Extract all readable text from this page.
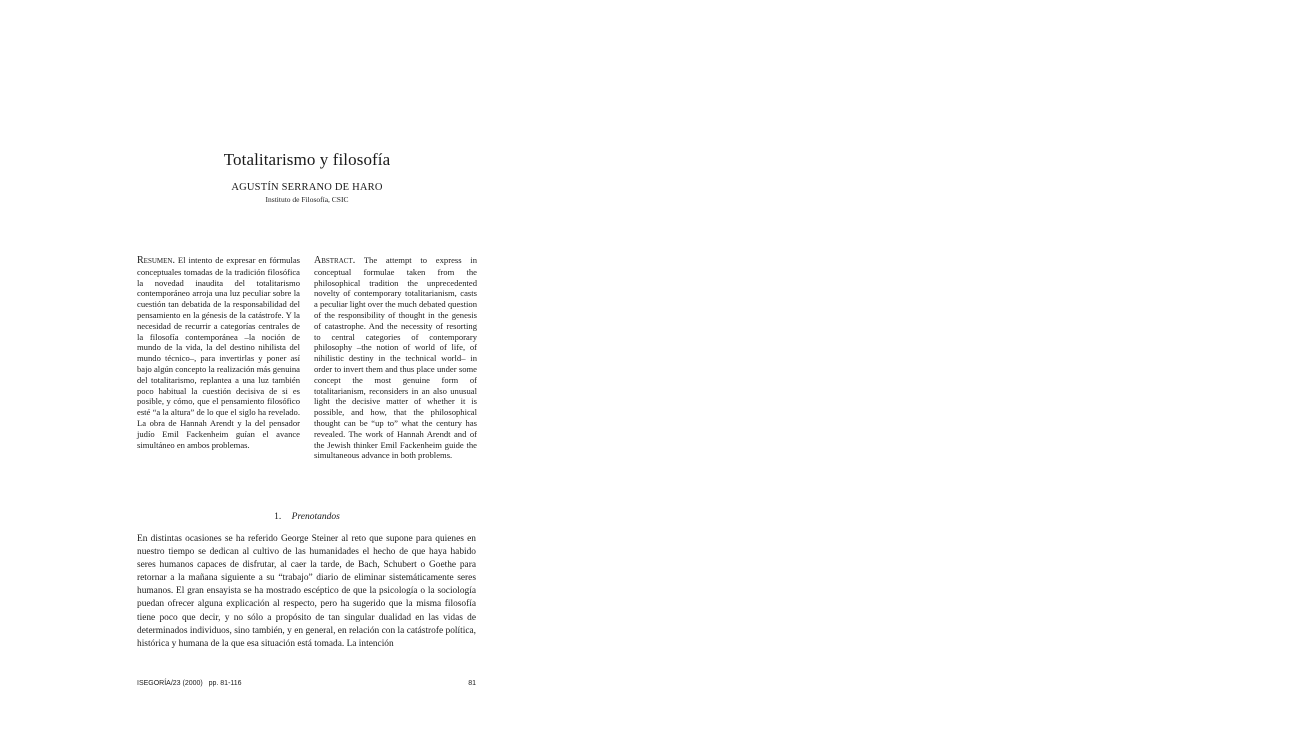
Totalitarismo y filosofía
AGUSTÍN SERRANO DE HARO
Instituto de Filosofía, CSIC
Resumen. El intento de expresar en fórmulas conceptuales tomadas de la tradición filosófica la novedad inaudita del totalitarismo contemporáneo arroja una luz peculiar sobre la cuestión tan debatida de la responsabilidad del pensamiento en la génesis de la catástrofe. Y la necesidad de recurrir a categorías centrales de la filosofía contemporánea –la noción de mundo de la vida, la del destino nihilista del mundo técnico–, para invertirlas y poner así bajo algún concepto la realización más genuina del totalitarismo, replantea a una luz también poco habitual la cuestión decisiva de si es posible, y cómo, que el pensamiento filosófico esté “a la altura” de lo que el siglo ha revelado. La obra de Hannah Arendt y la del pensador judío Emil Fackenheim guían el avance simultáneo en ambos problemas.
Abstract. The attempt to express in conceptual formulae taken from the philosophical tradition the unprecedented novelty of contemporary totalitarianism, casts a peculiar light over the much debated question of the responsibility of thought in the genesis of catastrophe. And the necessity of resorting to central categories of contemporary philosophy –the notion of world of life, of nihilistic destiny in the technical world– in order to invert them and thus place under some concept the most genuine form of totalitarianism, reconsiders in an also unusual light the decisive matter of whether it is possible, and how, that the philosophical thought can be “up to” what the century has revealed. The work of Hannah Arendt and of the Jewish thinker Emil Fackenheim guide the simultaneous advance in both problems.
1. Prenotandos
En distintas ocasiones se ha referido George Steiner al reto que supone para quienes en nuestro tiempo se dedican al cultivo de las humanidades el hecho de que haya habido seres humanos capaces de disfrutar, al caer la tarde, de Bach, Schubert o Goethe para retornar a la mañana siguiente a su “trabajo” diario de eliminar sistemáticamente seres humanos. El gran ensayista se ha mostrado escéptico de que la psicología o la sociología puedan ofrecer alguna explicación al respecto, pero ha sugerido que la misma filosofía tiene poco que decir, y no sólo a propósito de tan singular dualidad en las vidas de determinados individuos, sino también, y en general, en relación con la catástrofe política, histórica y humana de la que esa situación está tomada. La intención
ISEGORÍA/23 (2000) pp. 81-116	81
